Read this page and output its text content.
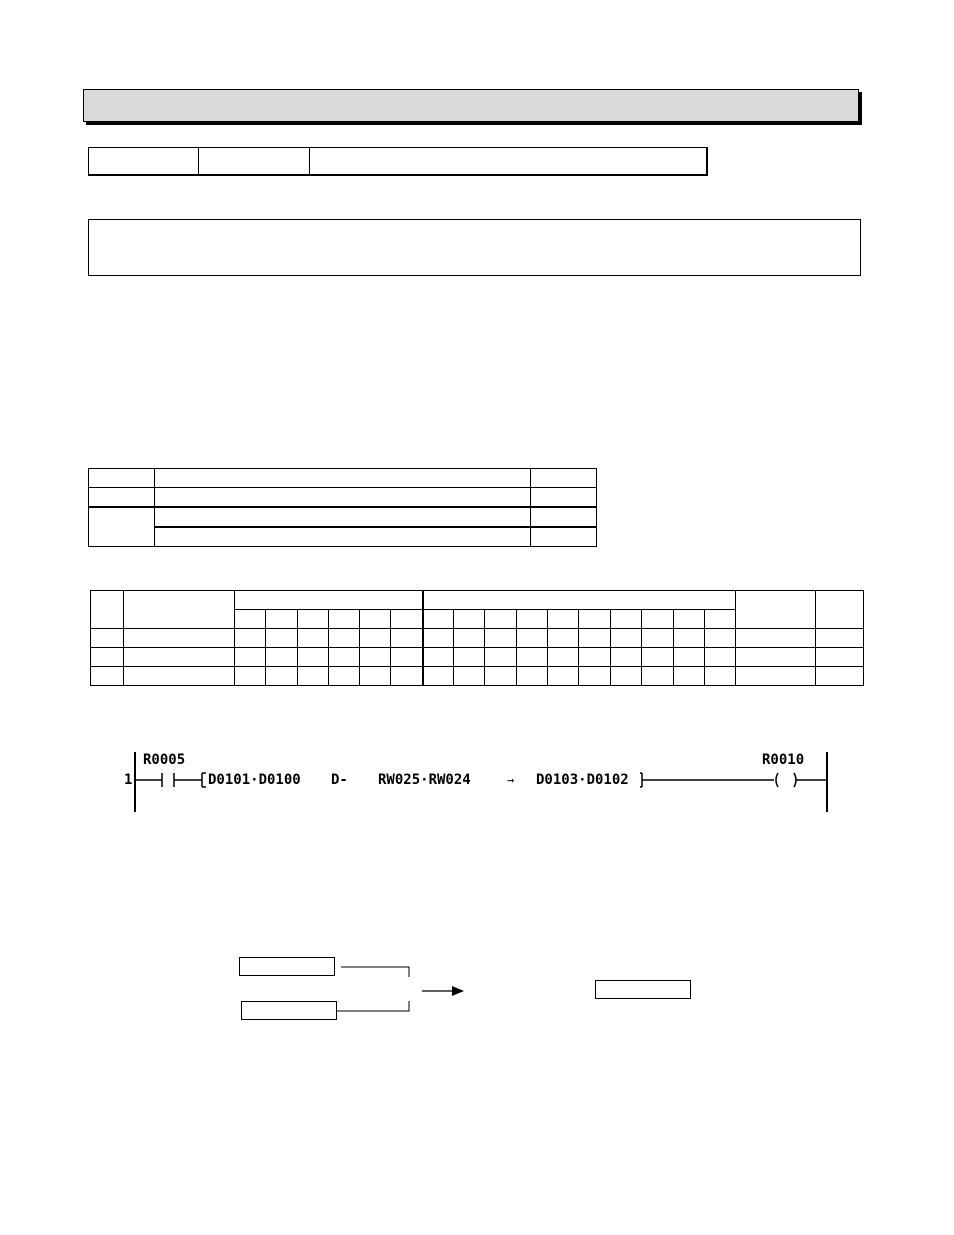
1
R0005
D0101·D0100 D- RW025·RW024	→ D0103·D0102
R0010
